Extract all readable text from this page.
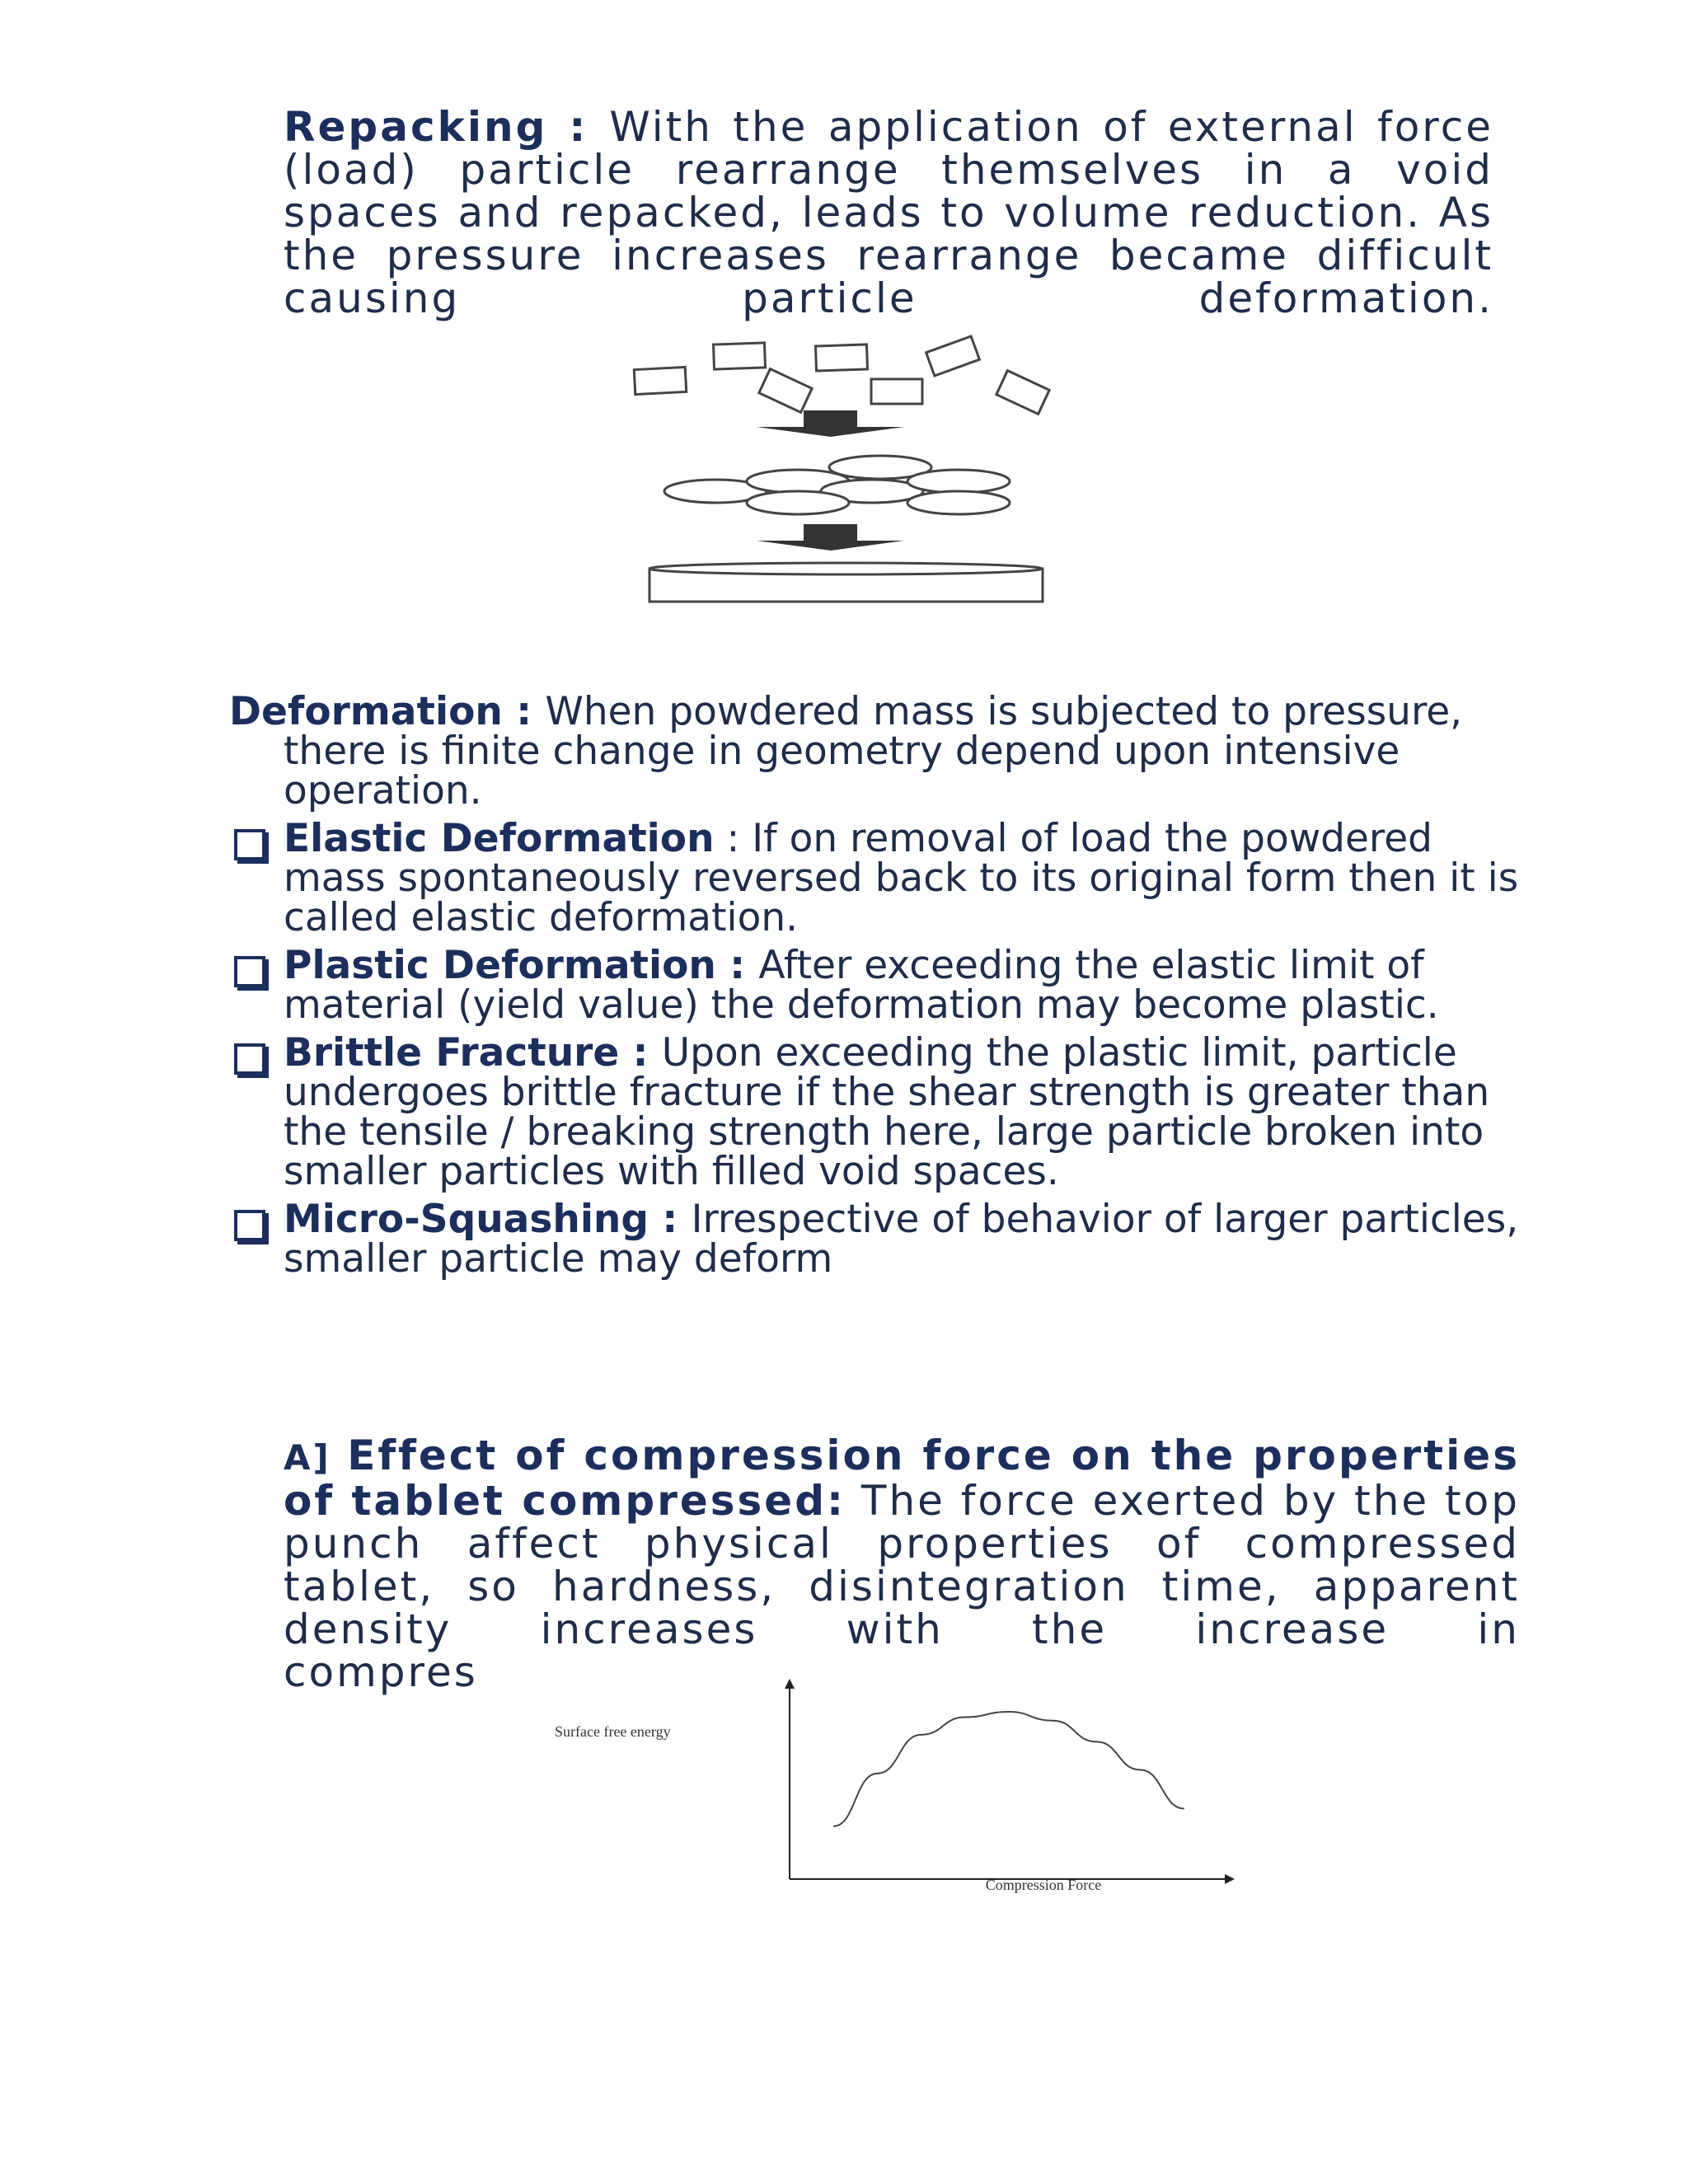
Repacking : With the application of external force (load) particle rearrange themselves in a void spaces and repacked, leads to volume reduction. As the pressure increases rearrange became difficult causing particle deformation.
Deformation : When powdered mass is subjected to pressure, there is finite change in geometry depend upon intensive operation.
Elastic Deformation : If on removal of load the powdered mass spontaneously reversed back to its original form then it is called elastic deformation.
Plastic Deformation : After exceeding the elastic limit of material (yield value) the deformation may become plastic.
Brittle Fracture : Upon exceeding the plastic limit, particle undergoes brittle fracture if the shear strength is greater than the tensile / breaking strength here, large particle broken into smaller particles with filled void spaces.
Micro-Squashing : Irrespective of behavior of larger particles, smaller particle may deform
A] Effect of compression force on the properties of tablet compressed: The force exerted by the top punch affect physical properties of compressed tablet, so hardness, disintegration time, apparent density increases with the increase in
compres
Surface free energy
Compression Force
